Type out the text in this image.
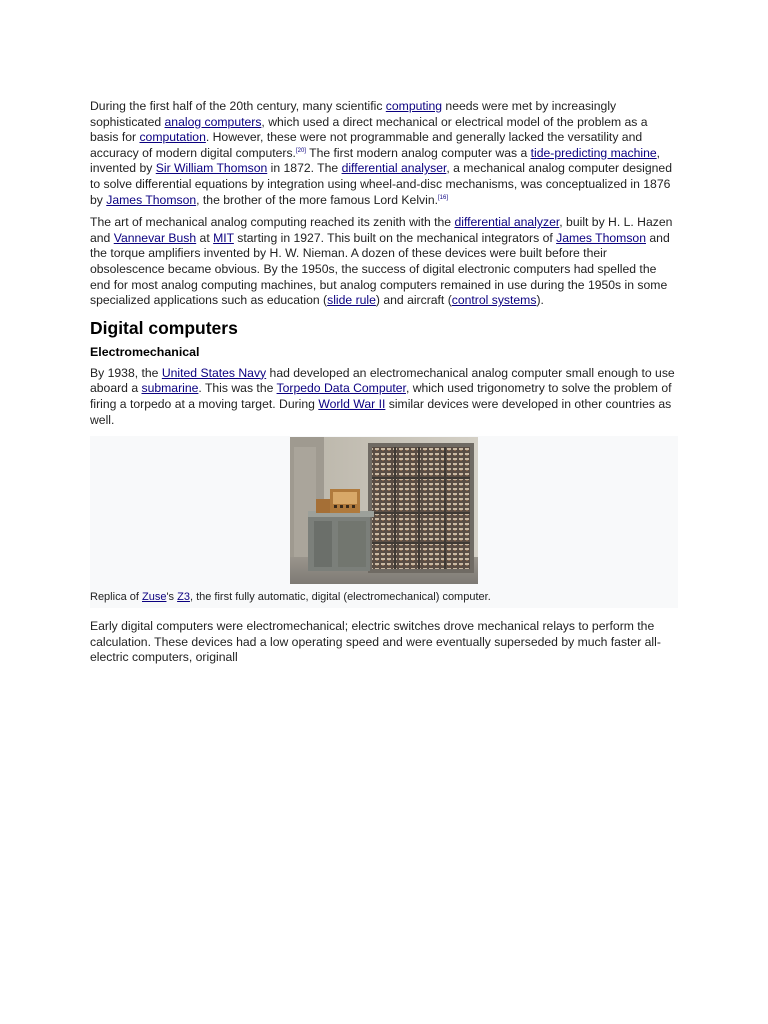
During the first half of the 20th century, many scientific computing needs were met by increasingly sophisticated analog computers, which used a direct mechanical or electrical model of the problem as a basis for computation. However, these were not programmable and generally lacked the versatility and accuracy of modern digital computers.[20] The first modern analog computer was a tide-predicting machine, invented by Sir William Thomson in 1872. The differential analyser, a mechanical analog computer designed to solve differential equations by integration using wheel-and-disc mechanisms, was conceptualized in 1876 by James Thomson, the brother of the more famous Lord Kelvin.[16]

The art of mechanical analog computing reached its zenith with the differential analyzer, built by H. L. Hazen and Vannevar Bush at MIT starting in 1927. This built on the mechanical integrators of James Thomson and the torque amplifiers invented by H. W. Nieman. A dozen of these devices were built before their obsolescence became obvious. By the 1950s, the success of digital electronic computers had spelled the end for most analog computing machines, but analog computers remained in use during the 1950s in some specialized applications such as education (slide rule) and aircraft (control systems).

Digital computers
Electromechanical

By 1938, the United States Navy had developed an electromechanical analog computer small enough to use aboard a submarine. This was the Torpedo Data Computer, which used trigonometry to solve the problem of firing a torpedo at a moving target. During World War II similar devices were developed in other countries as well.

Replica of Zuse's Z3, the first fully automatic, digital (electromechanical) computer.

Early digital computers were electromechanical; electric switches drove mechanical relays to perform the calculation. These devices had a low operating speed and were eventually superseded by much faster all-electric computers, originall
